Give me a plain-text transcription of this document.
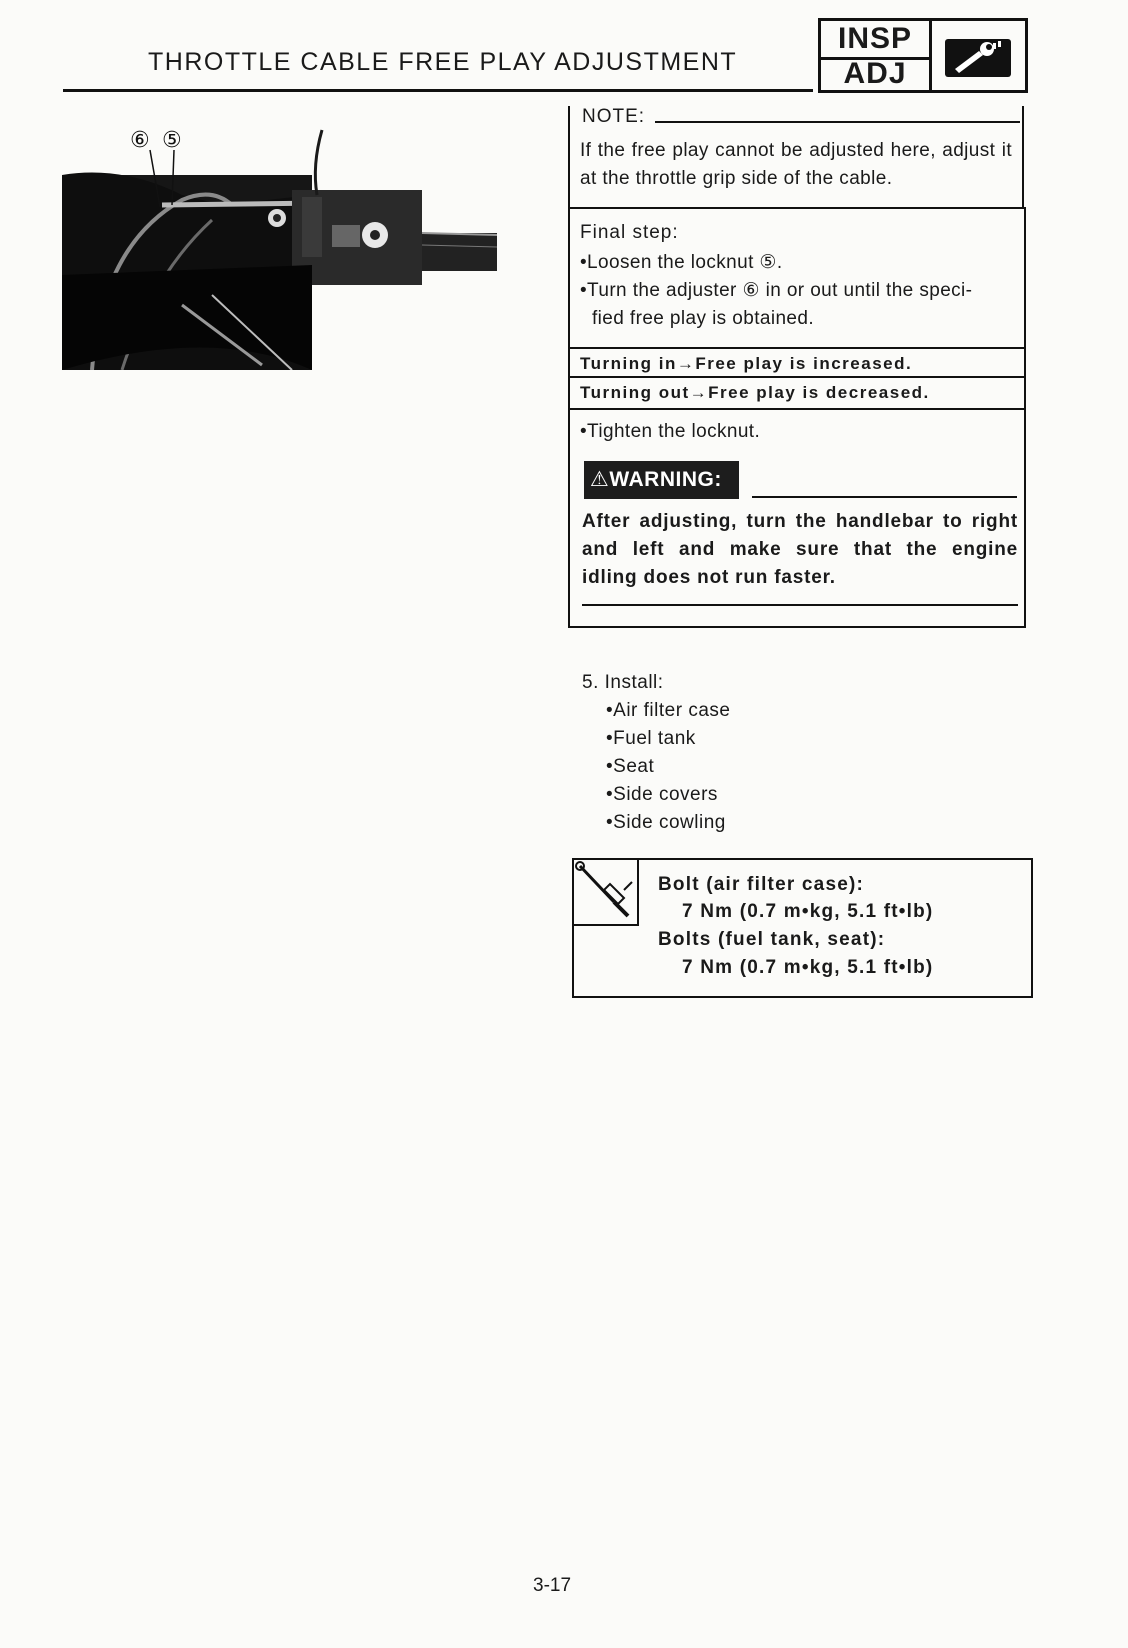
THROTTLE CABLE FREE PLAY ADJUSTMENT
INSP
ADJ
⑥ ⑤
NOTE:
If the free play cannot be adjusted here, adjust it at the throttle grip side of the cable.
Final step:
•Loosen the locknut ⑤.
•Turn the adjuster ⑥ in or out until the speci-
fied free play is obtained.
Turning in→Free play is increased.
Turning out→Free play is decreased.
•Tighten the locknut.
⚠WARNING:
After adjusting, turn the handlebar to right and left and make sure that the engine idling does not run faster.
5. Install:
•Air filter case
•Fuel tank
•Seat
•Side covers
•Side cowling
Bolt (air filter case):
7 Nm (0.7 m•kg, 5.1 ft•lb)
Bolts (fuel tank, seat):
7 Nm (0.7 m•kg, 5.1 ft•lb)
3-17
